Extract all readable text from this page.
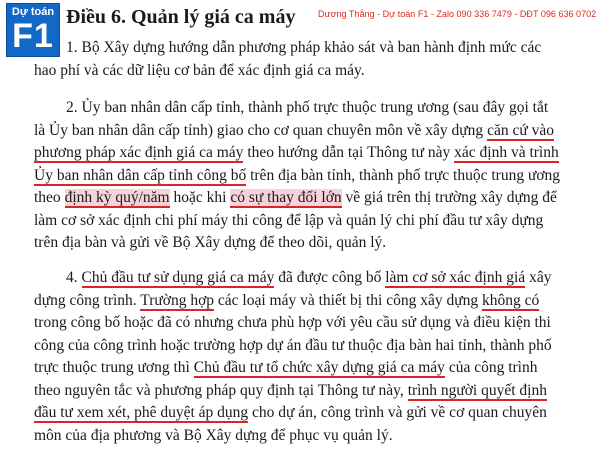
Dự toán
F1 Điều 6. Quản lý giá ca máy Dương Thắng - Dự toán F1 - Zalo 090 336 7479 - DĐT 096 636 0702
1. Bộ Xây dựng hướng dẫn phương pháp khảo sát và ban hành định mức các
hao phí và các dữ liệu cơ bản để xác định giá ca máy.
2. Ủy ban nhân dân cấp tỉnh, thành phố trực thuộc trung ương (sau đây gọi tắt
là Ủy ban nhân dân cấp tỉnh) giao cho cơ quan chuyên môn về xây dựng căn cứ vào
phương pháp xác định giá ca máy theo hướng dẫn tại Thông tư này xác định và trình
Ủy ban nhân dân cấp tỉnh công bố trên địa bàn tỉnh, thành phố trực thuộc trung ương
theo định kỳ quý/năm hoặc khi có sự thay đổi lớn về giá trên thị trường xây dựng để
làm cơ sở xác định chi phí máy thi công để lập và quản lý chi phí đầu tư xây dựng
trên địa bàn và gửi về Bộ Xây dựng để theo dõi, quản lý.
4. Chủ đầu tư sử dụng giá ca máy đã được công bố làm cơ sở xác định giá xây
dựng công trình. Trường hợp các loại máy và thiết bị thi công xây dựng không có
trong công bố hoặc đã có nhưng chưa phù hợp với yêu cầu sử dụng và điều kiện thi
công của công trình hoặc trường hợp dự án đầu tư thuộc địa bàn hai tỉnh, thành phố
trực thuộc trung ương thì Chủ đầu tư tổ chức xây dựng giá ca máy của công trình
theo nguyên tắc và phương pháp quy định tại Thông tư này, trình người quyết định
đầu tư xem xét, phê duyệt áp dụng cho dự án, công trình và gửi về cơ quan chuyên
môn của địa phương và Bộ Xây dựng để phục vụ quản lý.
